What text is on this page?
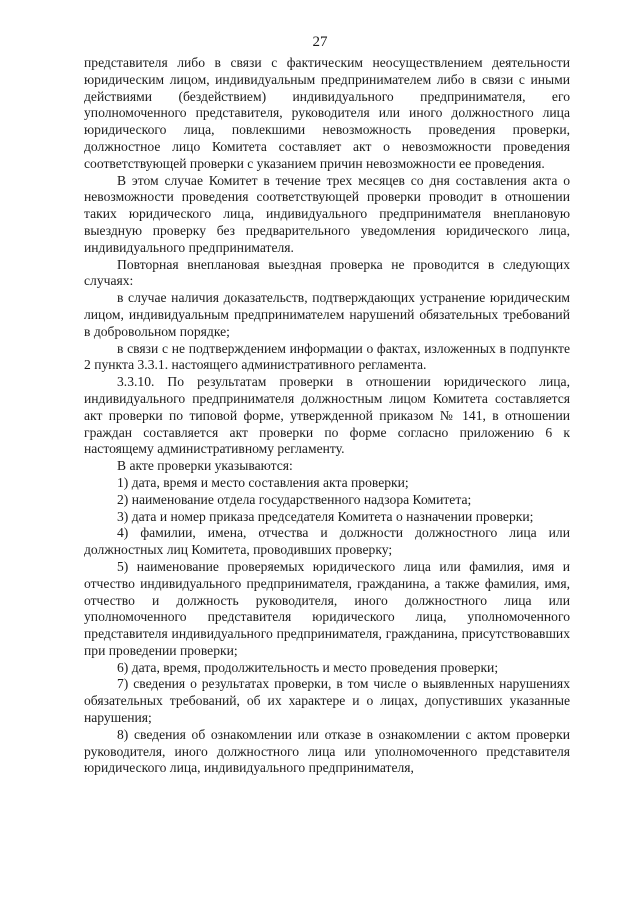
27

представителя либо в связи с фактическим неосуществлением деятельности юридическим лицом, индивидуальным предпринимателем либо в связи с иными действиями (бездействием) индивидуального предпринимателя, его уполномоченного представителя, руководителя или иного должностного лица юридического лица, повлекшими невозможность проведения проверки, должностное лицо Комитета составляет акт о невозможности проведения соответствующей проверки с указанием причин невозможности ее проведения.

В этом случае Комитет в течение трех месяцев со дня составления акта о невозможности проведения соответствующей проверки проводит в отношении таких юридического лица, индивидуального предпринимателя внеплановую выездную проверку без предварительного уведомления юридического лица, индивидуального предпринимателя.

Повторная внеплановая выездная проверка не проводится в следующих случаях:

в случае наличия доказательств, подтверждающих устранение юридическим лицом, индивидуальным предпринимателем нарушений обязательных требований в добровольном порядке;

в связи с не подтверждением информации о фактах, изложенных в подпункте 2 пункта 3.3.1. настоящего административного регламента.

3.3.10. По результатам проверки в отношении юридического лица, индивидуального предпринимателя должностным лицом Комитета составляется акт проверки по типовой форме, утвержденной приказом № 141, в отношении граждан составляется акт проверки по форме согласно приложению 6 к настоящему административному регламенту.

В акте проверки указываются:

1) дата, время и место составления акта проверки;

2) наименование отдела государственного надзора Комитета;

3) дата и номер приказа председателя Комитета о назначении проверки;

4) фамилии, имена, отчества и должности должностного лица или должностных лиц Комитета, проводивших проверку;

5) наименование проверяемых юридического лица или фамилия, имя и отчество индивидуального предпринимателя, гражданина, а также фамилия, имя, отчество и должность руководителя, иного должностного лица или уполномоченного представителя юридического лица, уполномоченного представителя индивидуального предпринимателя, гражданина, присутствовавших при проведении проверки;

6) дата, время, продолжительность и место проведения проверки;

7) сведения о результатах проверки, в том числе о выявленных нарушениях обязательных требований, об их характере и о лицах, допустивших указанные нарушения;

8) сведения об ознакомлении или отказе в ознакомлении с актом проверки руководителя, иного должностного лица или уполномоченного представителя юридического лица, индивидуального предпринимателя,
